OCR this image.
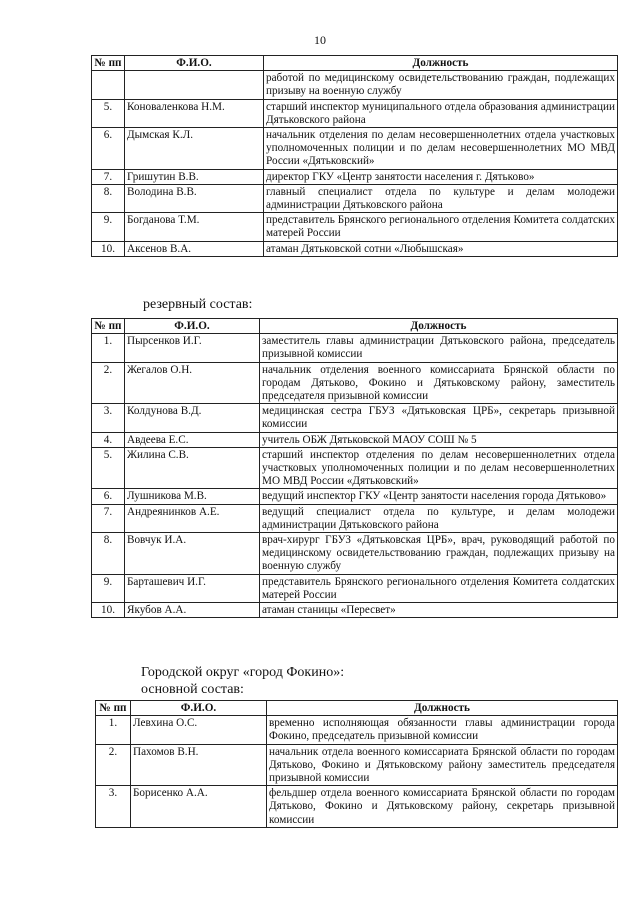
10
№ пп	Ф.И.О.	Должность
		работой по медицинскому освидетельствованию граждан, подлежащих призыву на военную службу
5.	Коноваленкова Н.М.	старший инспектор муниципального отдела образования администрации Дятьковского района
6.	Дымская К.Л.	начальник отделения по делам несовершеннолетних отдела участковых уполномоченных полиции и по делам несовершеннолетних МО МВД России «Дятьковский»
7.	Гришутин В.В.	директор ГКУ «Центр занятости населения г. Дятьково»
8.	Володина В.В.	главный специалист отдела по культуре и делам молодежи администрации Дятьковского района
9.	Богданова Т.М.	представитель Брянского регионального отделения Комитета солдатских матерей России
10.	Аксенов В.А.	атаман Дятьковской сотни «Любышская»
резервный состав:
№ пп	Ф.И.О.	Должность
1.	Пырсенков И.Г.	заместитель главы администрации Дятьковского района, председатель призывной комиссии
2.	Жегалов О.Н.	начальник отделения военного комиссариата Брянской области по городам Дятьково, Фокино и Дятьковскому району, заместитель председателя призывной комиссии
3.	Колдунова В.Д.	медицинская сестра ГБУЗ «Дятьковская ЦРБ», секретарь призывной комиссии
4.	Авдеева Е.С.	учитель ОБЖ Дятьковской МАОУ СОШ № 5
5.	Жилина С.В.	старший инспектор отделения по делам несовершеннолетних отдела участковых уполномоченных полиции и по делам несовершеннолетних МО МВД России «Дятьковский»
6.	Лушникова М.В.	ведущий инспектор ГКУ «Центр занятости населения города Дятьково»
7.	Андреянинков А.Е.	ведущий специалист отдела по культуре, и делам молодежи администрации Дятьковского района
8.	Вовчук И.А.	врач-хирург ГБУЗ «Дятьковская ЦРБ», врач, руководящий работой по медицинскому освидетельствованию граждан, подлежащих призыву на военную службу
9.	Барташевич И.Г.	представитель Брянского регионального отделения Комитета солдатских матерей России
10.	Якубов А.А.	атаман станицы «Пересвет»
Городской округ «город Фокино»:
основной состав:
№ пп	Ф.И.О.	Должность
1.	Левхина О.С.	временно исполняющая обязанности главы администрации города Фокино, председатель призывной комиссии
2.	Пахомов В.Н.	начальник отдела военного комиссариата Брянской области по городам Дятьково, Фокино и Дятьковскому району заместитель председателя призывной комиссии
3.	Борисенко А.А.	фельдшер отдела военного комиссариата Брянской области по городам Дятьково, Фокино и Дятьковскому району, секретарь призывной комиссии
